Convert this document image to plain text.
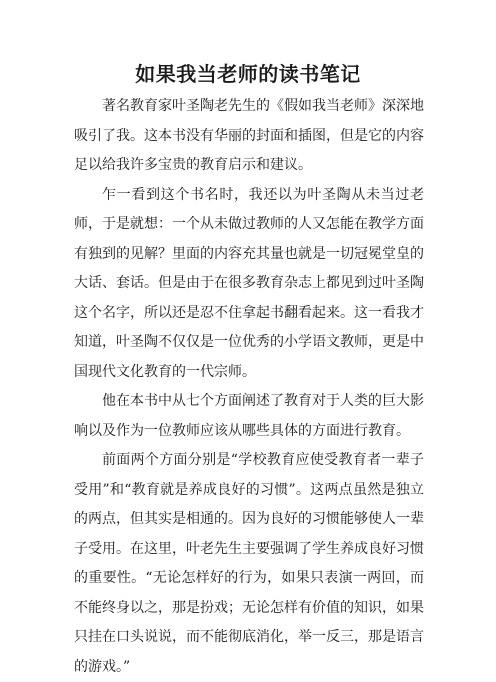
如果我当老师的读书笔记

著名教育家叶圣陶老先生的《假如我当老师》深深地吸引了我。这本书没有华丽的封面和插图，但是它的内容足以给我许多宝贵的教育启示和建议。

乍一看到这个书名时，我还以为叶圣陶从未当过老师，于是就想：一个从未做过教师的人又怎能在教学方面有独到的见解？里面的内容充其量也就是一切冠冕堂皇的大话、套话。但是由于在很多教育杂志上都见到过叶圣陶这个名字，所以还是忍不住拿起书翻看起来。这一看我才知道，叶圣陶不仅仅是一位优秀的小学语文教师，更是中国现代文化教育的一代宗师。

他在本书中从七个方面阐述了教育对于人类的巨大影响以及作为一位教师应该从哪些具体的方面进行教育。

前面两个方面分别是“学校教育应使受教育者一辈子受用”和“教育就是养成良好的习惯”。这两点虽然是独立的两点，但其实是相通的。因为良好的习惯能够使人一辈子受用。在这里，叶老先生主要强调了学生养成良好习惯的重要性。“无论怎样好的行为，如果只表演一两回，而不能终身以之，那是扮戏；无论怎样有价值的知识，如果只挂在口头说说，而不能彻底消化，举一反三，那是语言的游戏。”
